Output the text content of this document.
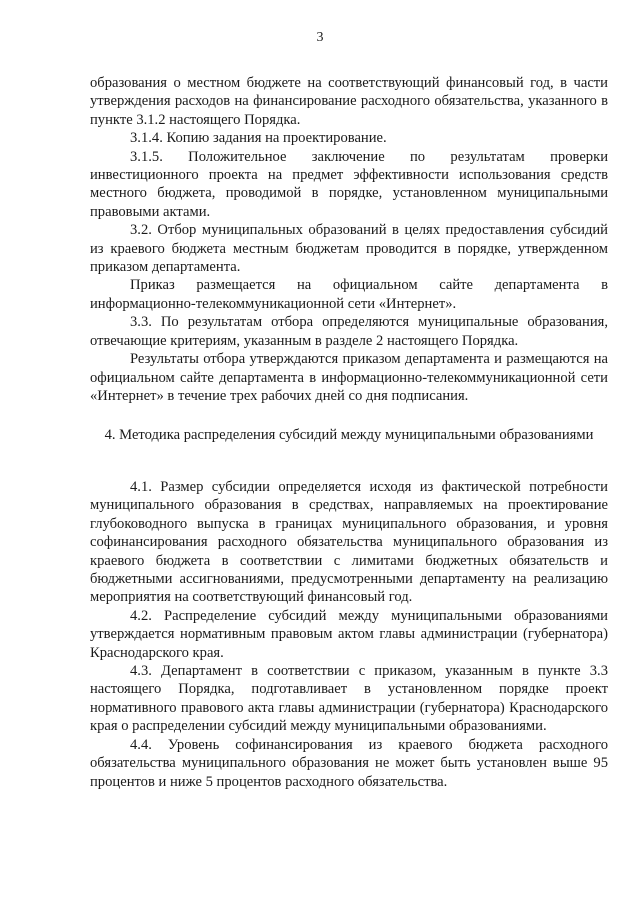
3

образования о местном бюджете на соответствующий финансовый год, в части утверждения расходов на финансирование расходного обязательства, указанного в пункте 3.1.2 настоящего Порядка.

3.1.4. Копию задания на проектирование.

3.1.5. Положительное заключение по результатам проверки инвестиционного проекта на предмет эффективности использования средств местного бюджета, проводимой в порядке, установленном муниципальными правовыми актами.

3.2. Отбор муниципальных образований в целях предоставления субсидий из краевого бюджета местным бюджетам проводится в порядке, утвержденном приказом департамента.

Приказ размещается на официальном сайте департамента в информационно-телекоммуникационной сети «Интернет».

3.3. По результатам отбора определяются муниципальные образования, отвечающие критериям, указанным в разделе 2 настоящего Порядка.

Результаты отбора утверждаются приказом департамента и размещаются на официальном сайте департамента в информационно-телекоммуникационной сети «Интернет» в течение трех рабочих дней со дня подписания.

4. Методика распределения субсидий между муниципальными образованиями

4.1. Размер субсидии определяется исходя из фактической потребности муниципального образования в средствах, направляемых на проектирование глубоководного выпуска в границах муниципального образования, и уровня софинансирования расходного обязательства муниципального образования из краевого бюджета в соответствии с лимитами бюджетных обязательств и бюджетными ассигнованиями, предусмотренными департаменту на реализацию мероприятия на соответствующий финансовый год.

4.2. Распределение субсидий между муниципальными образованиями утверждается нормативным правовым актом главы администрации (губернатора) Краснодарского края.

4.3. Департамент в соответствии с приказом, указанным в пункте 3.3 настоящего Порядка, подготавливает в установленном порядке проект нормативного правового акта главы администрации (губернатора) Краснодарского края о распределении субсидий между муниципальными образованиями.

4.4. Уровень софинансирования из краевого бюджета расходного обязательства муниципального образования не может быть установлен выше 95 процентов и ниже 5 процентов расходного обязательства.
